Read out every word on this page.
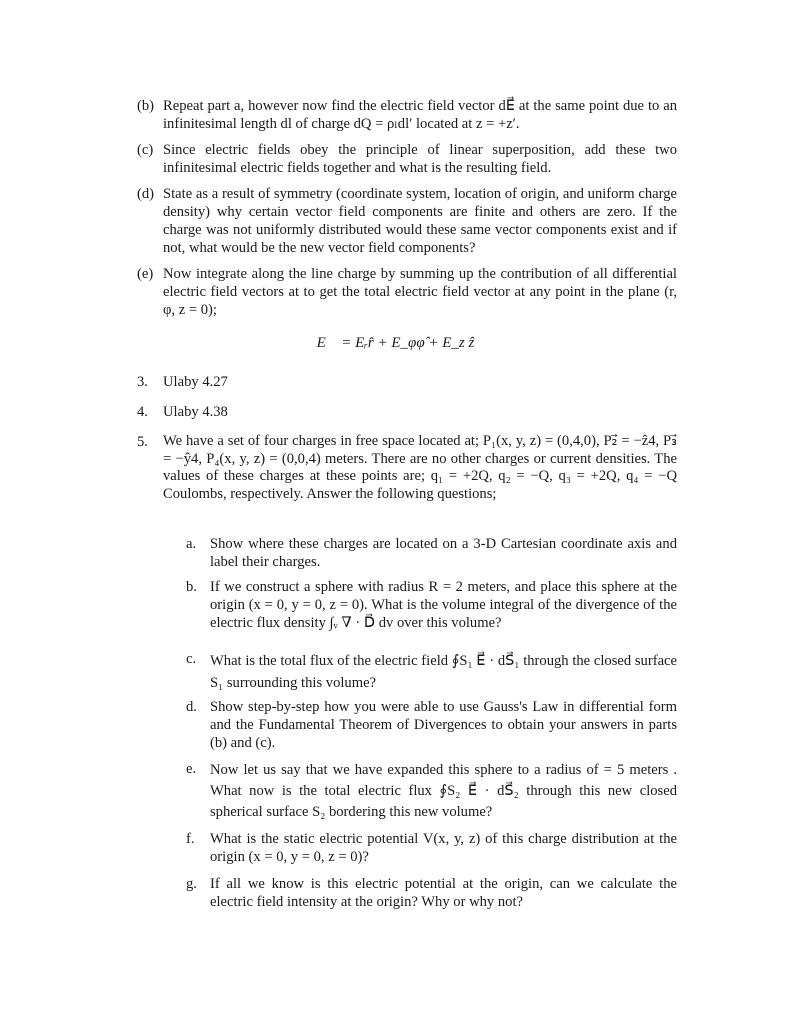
(b) Repeat part a, however now find the electric field vector dE⃗ at the same point due to an infinitesimal length dl of charge dQ = ρₗdl′ located at z = +z′.
(c) Since electric fields obey the principle of linear superposition, add these two infinitesimal electric fields together and what is the resulting field.
(d) State as a result of symmetry (coordinate system, location of origin, and uniform charge density) why certain vector field components are finite and others are zero. If the charge was not uniformly distributed would these same vector components exist and if not, what would be the new vector field components?
(e) Now integrate along the line charge by summing up the contribution of all differential electric field vectors at to get the total electric field vector at any point in the plane (r, φ, z = 0);
E⃗ = Eᵣr̂ + E_φφ̂ + E_z ẑ
3.	Ulaby 4.27
4.	Ulaby 4.38
5.	We have a set of four charges in free space located at; P₁(x, y, z) = (0,4,0), P₂⃗ = −ẑ4, P₃⃗ = −ŷ4, P₄(x, y, z) = (0,0,4) meters. There are no other charges or current densities. The values of these charges at these points are; q₁ = +2Q, q₂ = −Q, q₃ = +2Q, q₄ = −Q Coulombs, respectively. Answer the following questions;
a. Show where these charges are located on a 3-D Cartesian coordinate axis and label their charges.
b. If we construct a sphere with radius R = 2 meters, and place this sphere at the origin (x = 0, y = 0, z = 0). What is the volume integral of the divergence of the electric flux density ∫ᵥ ∇ · D⃗ dv over this volume?
c. What is the total flux of the electric field ∮S₁ E⃗ · dS⃗₁ through the closed surface S₁ surrounding this volume?
d. Show step-by-step how you were able to use Gauss's Law in differential form and the Fundamental Theorem of Divergences to obtain your answers in parts (b) and (c).
e. Now let us say that we have expanded this sphere to a radius of = 5 meters . What now is the total electric flux ∮S₂ E⃗ · dS⃗₂ through this new closed spherical surface S₂ bordering this new volume?
f.	What is the static electric potential V(x, y, z) of this charge distribution at the origin (x = 0, y = 0, z = 0)?
g. If all we know is this electric potential at the origin, can we calculate the electric field intensity at the origin? Why or why not?
